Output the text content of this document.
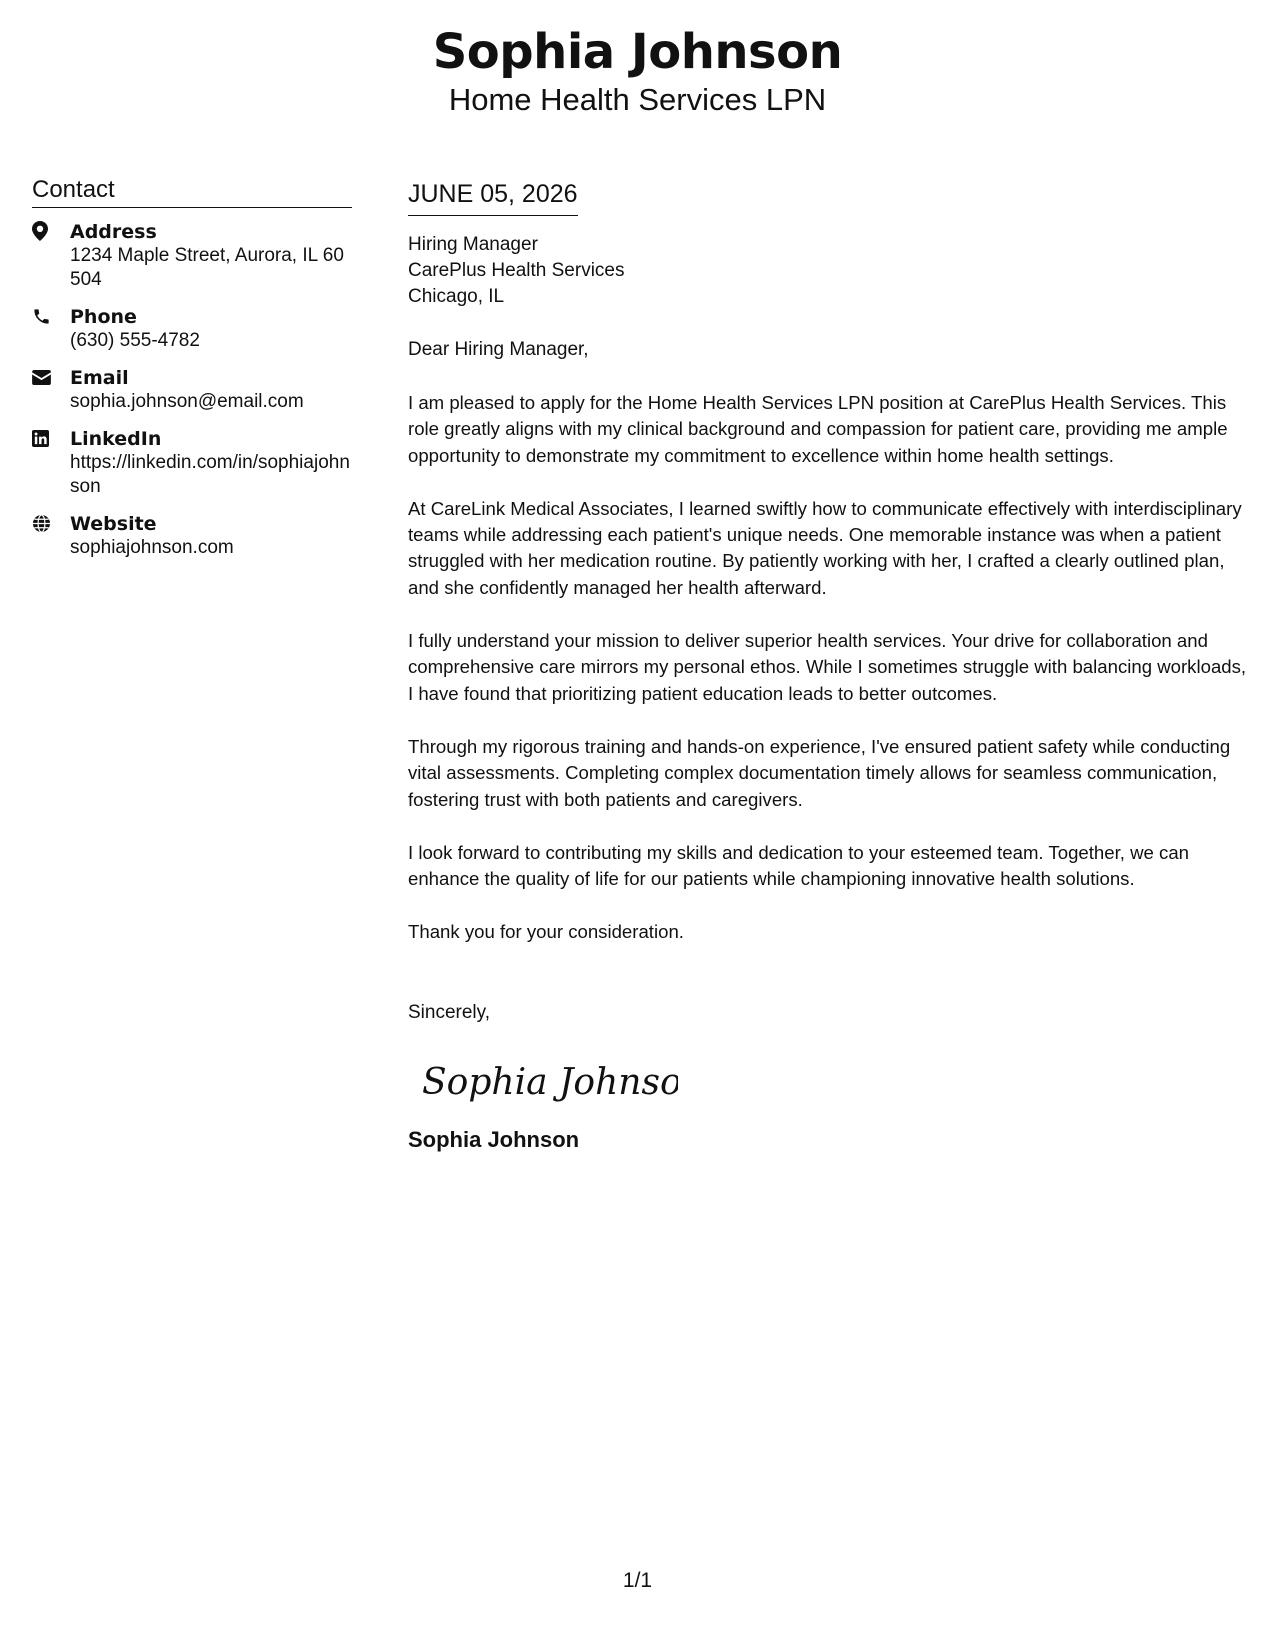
Sophia Johnson
Home Health Services LPN
Contact
Address
1234 Maple Street, Aurora, IL 60504
Phone
(630) 555-4782
Email
sophia.johnson@email.com
LinkedIn
https://linkedin.com/in/sophiajohnson
Website
sophiajohnson.com
JUNE 05, 2026
Hiring Manager
CarePlus Health Services
Chicago, IL
Dear Hiring Manager,
I am pleased to apply for the Home Health Services LPN position at CarePlus Health Services. This role greatly aligns with my clinical background and compassion for patient care, providing me ample opportunity to demonstrate my commitment to excellence within home health settings.
At CareLink Medical Associates, I learned swiftly how to communicate effectively with interdisciplinary teams while addressing each patient's unique needs. One memorable instance was when a patient struggled with her medication routine. By patiently working with her, I crafted a clearly outlined plan, and she confidently managed her health afterward.
I fully understand your mission to deliver superior health services. Your drive for collaboration and comprehensive care mirrors my personal ethos. While I sometimes struggle with balancing workloads, I have found that prioritizing patient education leads to better outcomes.
Through my rigorous training and hands-on experience, I've ensured patient safety while conducting vital assessments. Completing complex documentation timely allows for seamless communication, fostering trust with both patients and caregivers.
I look forward to contributing my skills and dedication to your esteemed team. Together, we can enhance the quality of life for our patients while championing innovative health solutions.
Thank you for your consideration.
Sincerely,
Sophia Johnson
Sophia Johnson
1/1
